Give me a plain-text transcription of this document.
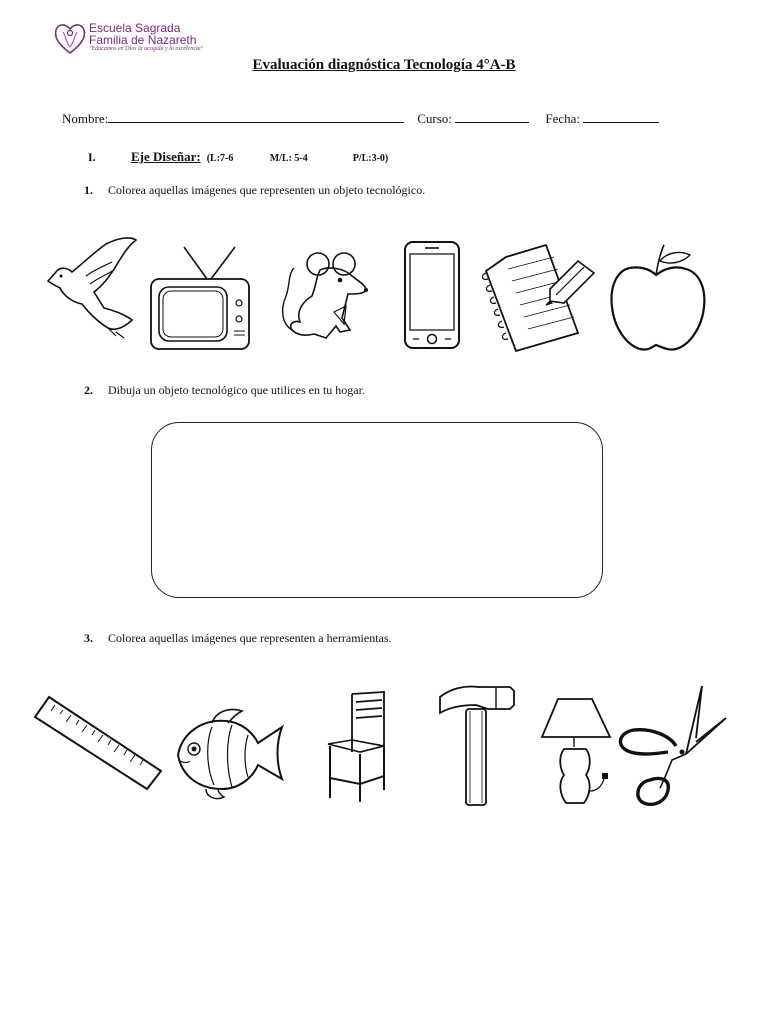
Escuela Sagrada
Familia de Nazareth
"Educamos en Dios la acogida y la excelencia"
Evaluación diagnóstica Tecnología 4°A-B
Nombre:	Curso:	Fecha:
I.	Eje Diseñar: (L:7-6	M/L: 5-4	P/L:3-0)
1. Colorea aquellas imágenes que representen un objeto tecnológico.
2. Dibuja un objeto tecnológico que utilices en tu hogar.
3. Colorea aquellas imágenes que representen a herramientas.
